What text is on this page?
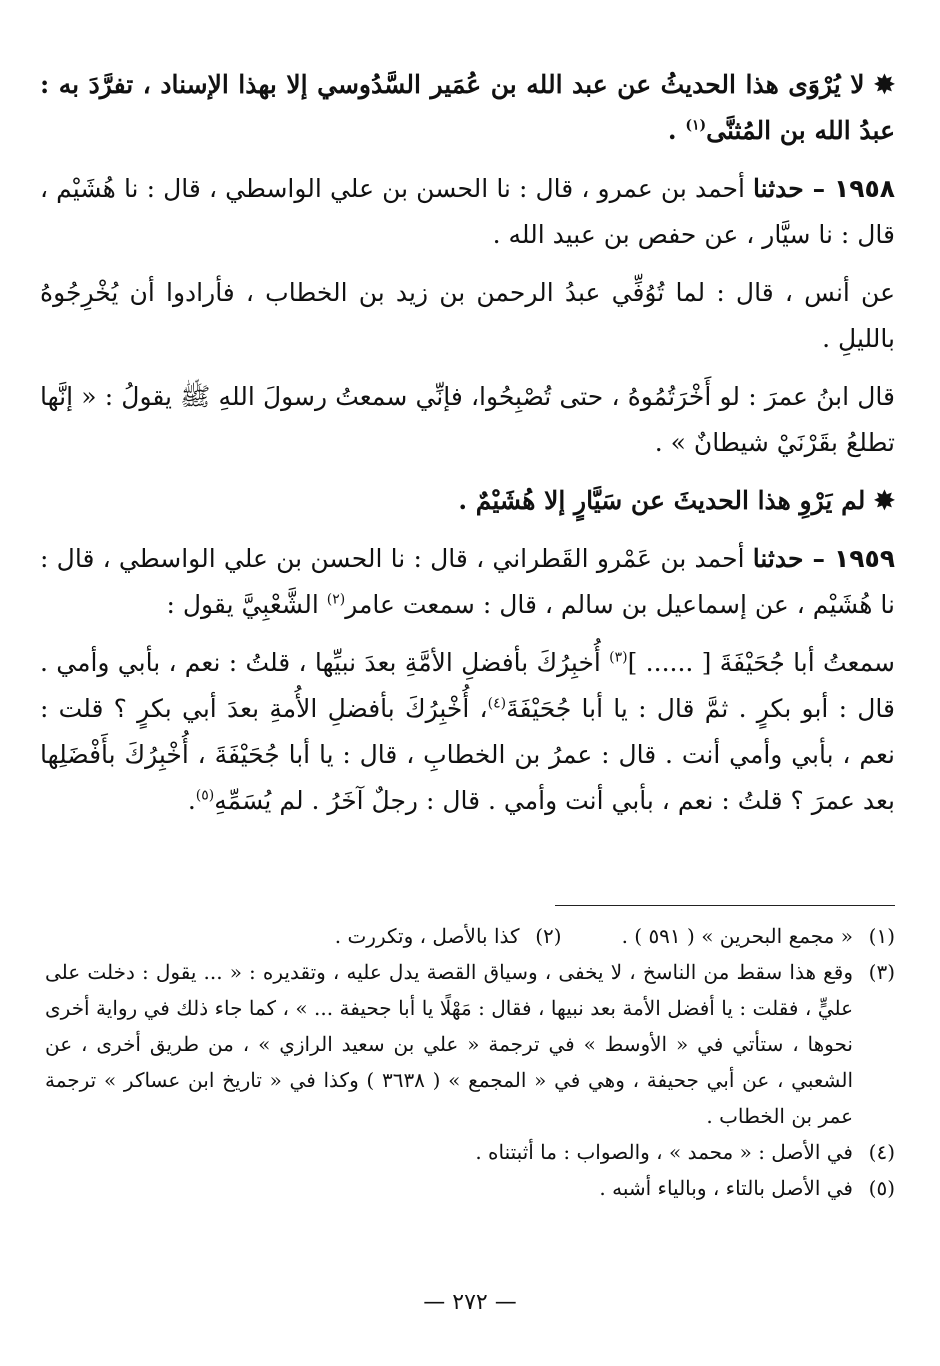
✸ لا يُرْوَى هذا الحديثُ عن عبد الله بن عُمَير السَّدُوسي إلا بهذا الإسناد ، تفرَّدَ به : عبدُ الله بن المُثنَّى$^{(١)}$ .

١٩٥٨ – حدثنا أحمد بن عمرو ، قال : نا الحسن بن علي الواسطي ، قال : نا هُشَيْم ، قال : نا سيَّار ، عن حفص بن عبيد الله .

عن أنس ، قال : لما تُوُفِّي عبدُ الرحمن بن زيد بن الخطاب ، فأرادوا أن يُخْرِجُوهُ بالليلِ .

قال ابنُ عمرَ : لو أَخْرَتُمُوهُ ، حتى تُصْبِحُوا، فإنِّي سمعتُ رسولَ اللهِ ﷺ يقولُ : « إنَّها تطلعُ بقَرْنَيْ شيطانٌ » .

✸ لم يَرْوِ هذا الحديثَ عن سَيَّارٍ إلا هُشَيْمٌ .

١٩٥٩ – حدثنا أحمد بن عَمْرو القَطراني ، قال : نا الحسن بن علي الواسطي ، قال : نا هُشَيْم ، عن إسماعيل بن سالم ، قال : سمعت عامر$^{(٢)}$ الشَّعْبِيَّ يقول :

سمعتُ أبا جُحَيْفَةَ [ ...... ]$^{(٣)}$ أُخبِرُكَ بأفضلِ الأمَّةِ بعدَ نبيِّها ، قلتُ : نعم ، بأبي وأمي . قال : أبو بكرٍ . ثمَّ قال : يا أبا جُحَيْفَةَ$^{(٤)}$، أُخْبِرُكَ بأفضلِ الأُمةِ بعدَ أبي بكرٍ ؟ قلت : نعم ، بأبي وأمي أنت . قال : عمرُ بن الخطابِ ، قال : يا أبا جُحَيْفَةَ ، أُخْبِرُكَ بأَفْضَلِها بعد عمرَ ؟ قلتُ : نعم ، بأبي أنت وأمي . قال : رجلٌ آخَرُ . لم يُسَمِّهِ$^{(٥)}$.

(١)
« مجمع البحرين » ( ٥٩١ ) .
(٢)
كذا بالأصل ، وتكررت .
(٣)
وقع هذا سقط من الناسخ ، لا يخفى ، وسياق القصة يدل عليه ، وتقديره : « ... يقول : دخلت على عليٍّ ، فقلت : يا أفضل الأمة بعد نبيها ، فقال : مَهْلًا يا أبا جحيفة ... » ، كما جاء ذلك في رواية أخرى نحوها ، ستأتي في « الأوسط » في ترجمة « علي بن سعيد الرازي » ، من طريق أخرى ، عن الشعبي ، عن أبي جحيفة ، وهي في « المجمع » ( ٣٦٣٨ ) وكذا في « تاريخ ابن عساكر » ترجمة عمر بن الخطاب .
(٤)
في الأصل : « محمد » ، والصواب : ما أثبتناه .
(٥)
في الأصل بالتاء ، وبالياء أشبه .
— ٢٧٢ —
